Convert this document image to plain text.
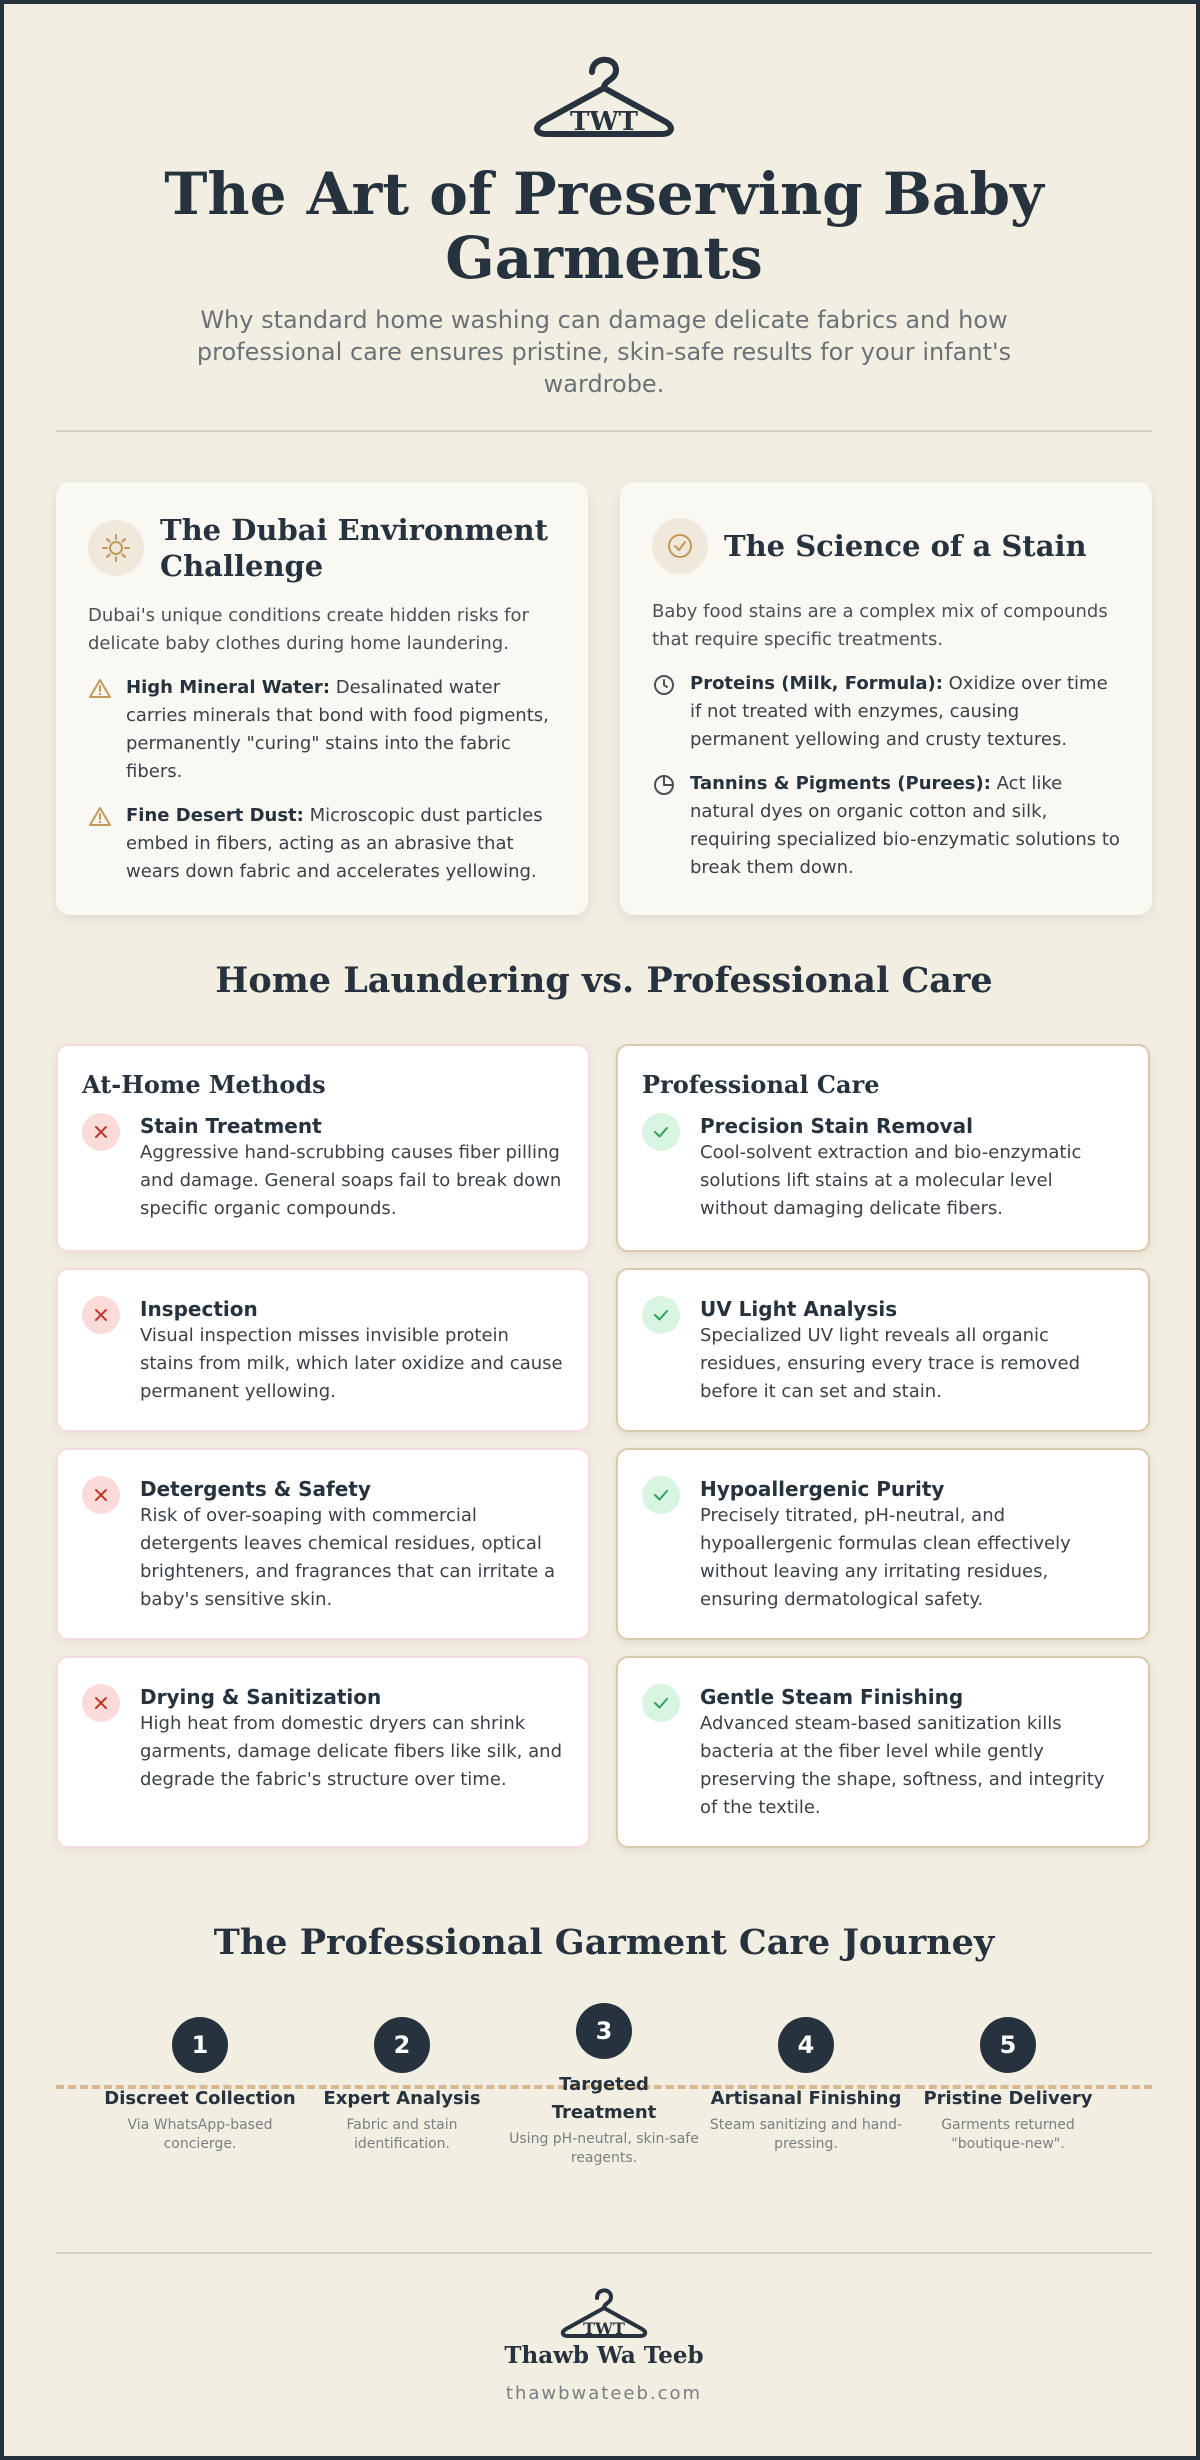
TWT
The Art of Preserving Baby Garments

Why standard home washing can damage delicate fabrics and how professional care ensures pristine, skin-safe results for your infant's wardrobe.

The Dubai Environment Challenge

Dubai's unique conditions create hidden risks for delicate baby clothes during home laundering.

High Mineral Water: Desalinated water carries minerals that bond with food pigments, permanently "curing" stains into the fabric fibers.

Fine Desert Dust: Microscopic dust particles embed in fibers, acting as an abrasive that wears down fabric and accelerates yellowing.

The Science of a Stain

Baby food stains are a complex mix of compounds that require specific treatments.

Proteins (Milk, Formula): Oxidize over time if not treated with enzymes, causing permanent yellowing and crusty textures.

Tannins & Pigments (Purees): Act like natural dyes on organic cotton and silk, requiring specialized bio-enzymatic solutions to break them down.

Home Laundering vs. Professional Care
At-Home Methods
Stain Treatment
Aggressive hand-scrubbing causes fiber pilling and damage. General soaps fail to break down specific organic compounds.
Professional Care
Precision Stain Removal
Cool-solvent extraction and bio-enzymatic solutions lift stains at a molecular level without damaging delicate fibers.
Inspection
Visual inspection misses invisible protein stains from milk, which later oxidize and cause permanent yellowing.
UV Light Analysis
Specialized UV light reveals all organic residues, ensuring every trace is removed before it can set and stain.
Detergents & Safety
Risk of over-soaping with commercial detergents leaves chemical residues, optical brighteners, and fragrances that can irritate a baby's sensitive skin.
Hypoallergenic Purity
Precisely titrated, pH-neutral, and hypoallergenic formulas clean effectively without leaving any irritating residues, ensuring dermatological safety.
Drying & Sanitization
High heat from domestic dryers can shrink garments, damage delicate fibers like silk, and degrade the fabric's structure over time.
Gentle Steam Finishing
Advanced steam-based sanitization kills bacteria at the fiber level while gently preserving the shape, softness, and integrity of the textile.
The Professional Garment Care Journey
1
Discreet Collection
Via WhatsApp-based concierge.
2
Expert Analysis
Fabric and stain identification.
3
Targeted Treatment
Using pH-neutral, skin-safe reagents.
4
Artisanal Finishing
Steam sanitizing and hand-pressing.
5
Pristine Delivery
Garments returned "boutique-new".
TWT
Thawb Wa Teeb
thawbwateeb.com
